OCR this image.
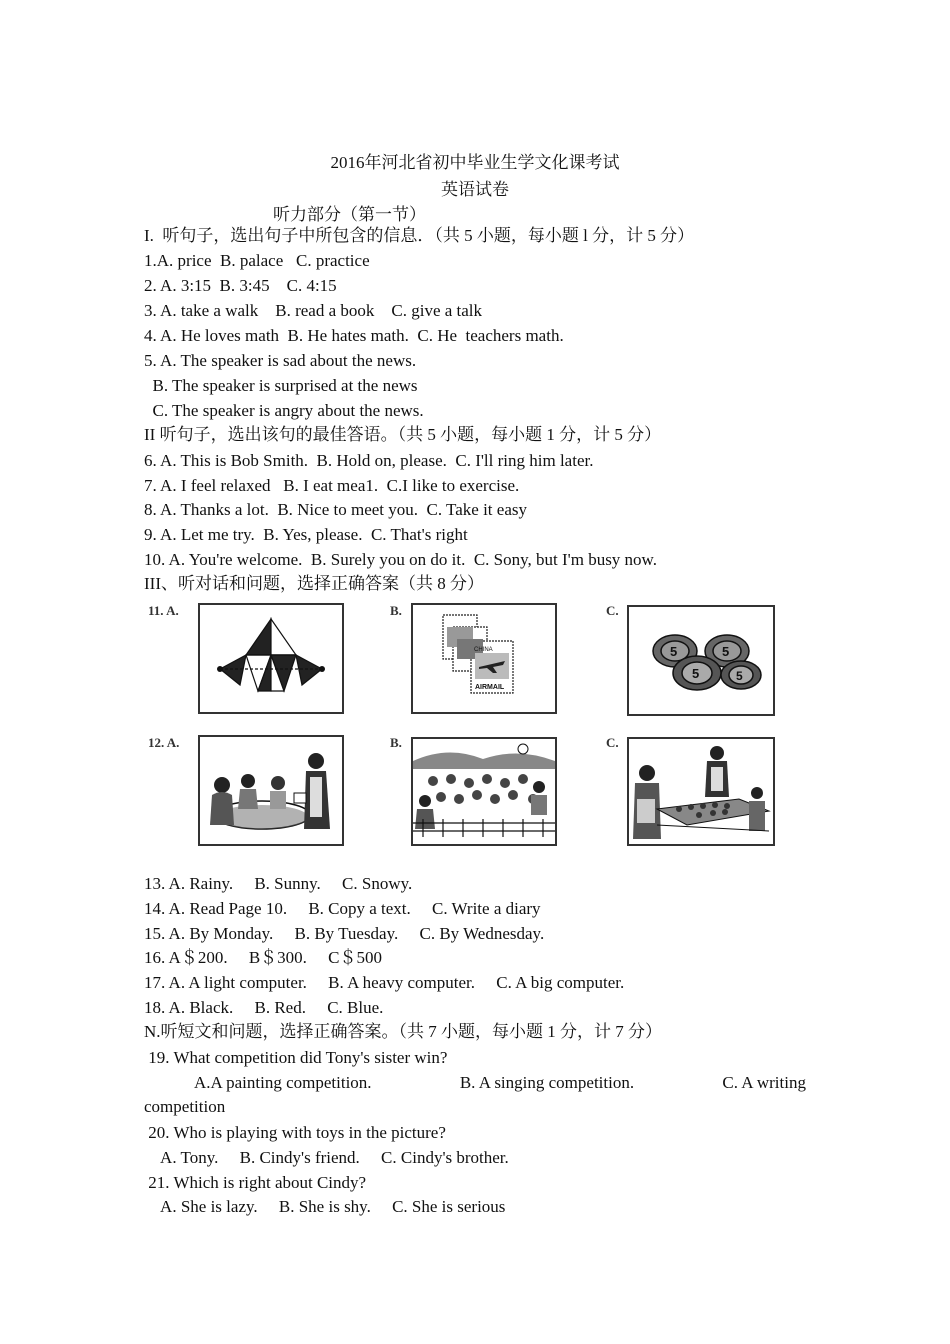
2016年河北省初中毕业生学文化课考试
英语试卷
听力部分（第一节）
I.  听句子，选出句子中所包含的信息．（共 5 小题，每小题 l 分，计 5 分）
1.A. price  B. palace   C. practice
2. A. 3:15  B. 3:45    C. 4:15
3. A. take a walk    B. read a book    C. give a talk
4. A. He loves math  B. He hates math.  C. He  teachers math.
5. A. The speaker is sad about the news.
B. The speaker is surprised at the news
C. The speaker is angry about the news.
II 听句子，选出该句的最佳答语。（共 5 小题，每小题 1 分，计 5 分）
6. A. This is Bob Smith.  B. Hold on, please.  C. I'll ring him later.
7. A. I feel relaxed   B. I eat mea1.  C.I like to exercise.
8. A. Thanks a lot.  B. Nice to meet you.  C. Take it easy
9. A. Let me try.  B. Yes, please.  C. That's right
10. A. You're welcome.  B. Surely you on do it.  C. Sony, but I'm busy now.
III、听对话和问题，选择正确答案（共 8 分）
11. A.	B.
CHINA
AIRMAIL
C.
5	5
5	5
12. A.	B.	C.
13. A. Rainy.     B. Sunny.     C. Snowy.
14. A. Read Page 10.     B. Copy a text.     C. Write a diary
15. A. By Monday.     B. By Tuesday.     C. By Wednesday.
16. A＄200.     B＄300.     C＄500
17. A. A light computer.     B. A heavy computer.     C. A big computer.
18. A. Black.     B. Red.     C. Blue.
N.听短文和问题，选择正确答案。（共 7 小题，每小题 1 分，计 7 分）
19. What competition did Tony's sister win?
A.A painting competition.	B. A singing competition.	C. A writing
competition
20. Who is playing with toys in the picture?
A. Tony.     B. Cindy's friend.     C. Cindy's brother.
21. Which is right about Cindy?
A. She is lazy.     B. She is shy.     C. She is serious
